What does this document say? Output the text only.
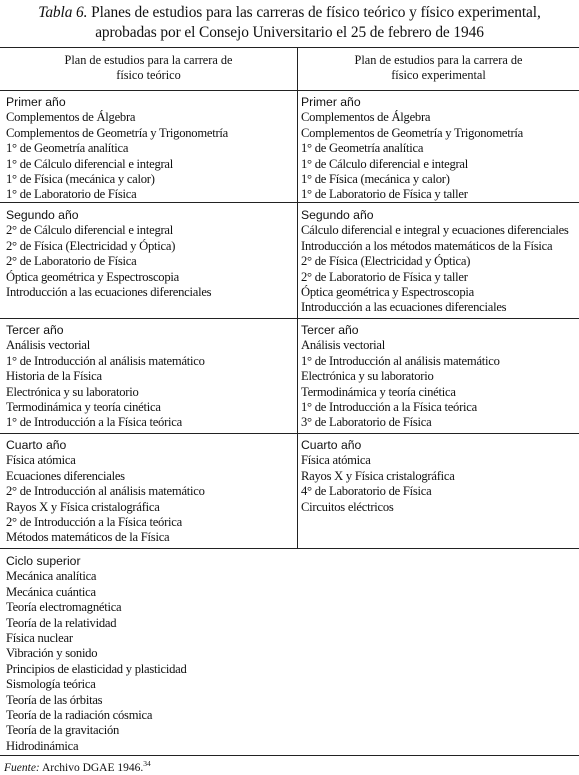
Tabla 6. Planes de estudios para las carreras de físico teórico y físico experimental,
aprobadas por el Consejo Universitario el 25 de febrero de 1946
Plan de estudios para la carrera de
físico teórico
Plan de estudios para la carrera de
físico experimental
Primer año
Complementos de Álgebra
Complementos de Geometría y Trigonometría
1° de Geometría analítica
1° de Cálculo diferencial e integral
1° de Física (mecánica y calor)
1° de Laboratorio de Física
Primer año
Complementos de Álgebra
Complementos de Geometría y Trigonometría
1° de Geometría analítica
1° de Cálculo diferencial e integral
1° de Física (mecánica y calor)
1° de Laboratorio de Física y taller
Segundo año
2° de Cálculo diferencial e integral
2° de Física (Electricidad y Óptica)
2° de Laboratorio de Física
Óptica geométrica y Espectroscopia
Introducción a las ecuaciones diferenciales
Segundo año
Cálculo diferencial e integral y ecuaciones diferenciales
Introducción a los métodos matemáticos de la Física
2° de Física (Electricidad y Óptica)
2° de Laboratorio de Física y taller
Óptica geométrica y Espectroscopia
Introducción a las ecuaciones diferenciales
Tercer año
Análisis vectorial
1° de Introducción al análisis matemático
Historia de la Física
Electrónica y su laboratorio
Termodinámica y teoría cinética
1° de Introducción a la Física teórica
Tercer año
Análisis vectorial
1° de Introducción al análisis matemático
Electrónica y su laboratorio
Termodinámica y teoría cinética
1° de Introducción a la Física teórica
3° de Laboratorio de Física
Cuarto año
Física atómica
Ecuaciones diferenciales
2° de Introducción al análisis matemático
Rayos X y Física cristalográfica
2° de Introducción a la Física teórica
Métodos matemáticos de la Física
Cuarto año
Física atómica
Rayos X y Física cristalográfica
4° de Laboratorio de Física
Circuitos eléctricos
Ciclo superior
Mecánica analítica
Mecánica cuántica
Teoría electromagnética
Teoría de la relatividad
Física nuclear
Vibración y sonido
Principios de elasticidad y plasticidad
Sismología teórica
Teoría de las órbitas
Teoría de la radiación cósmica
Teoría de la gravitación
Hidrodinámica
Fuente: Archivo DGAE 1946.34
